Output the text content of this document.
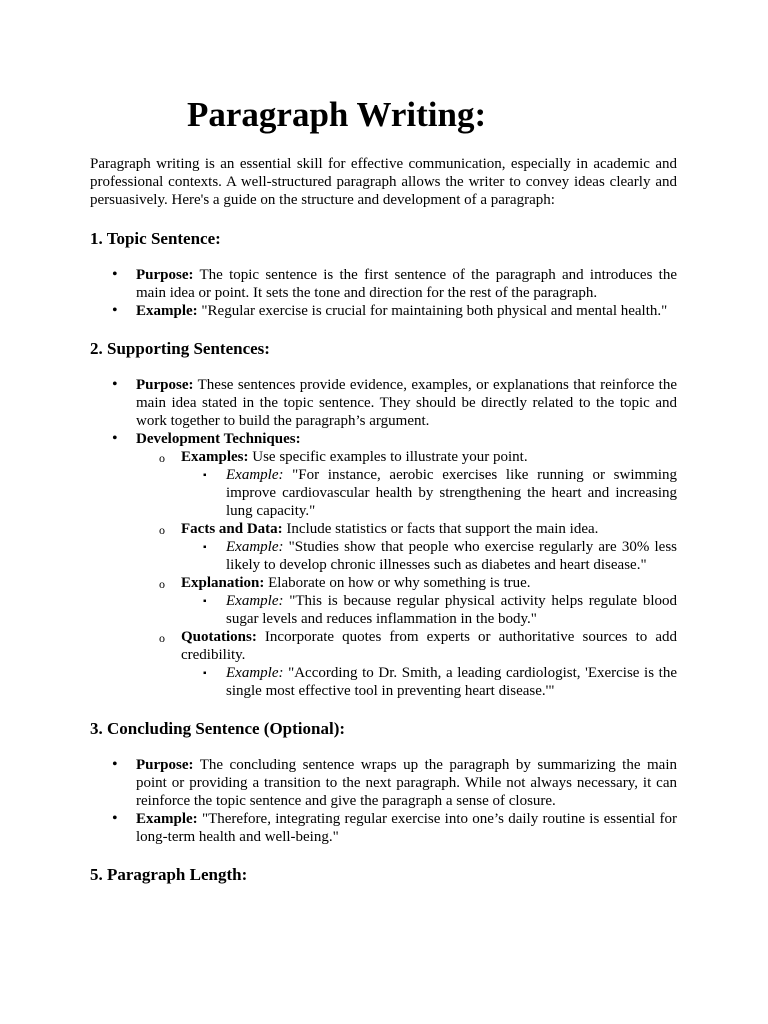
Paragraph Writing:

Paragraph writing is an essential skill for effective communication, especially in academic and professional contexts. A well-structured paragraph allows the writer to convey ideas clearly and persuasively. Here's a guide on the structure and development of a paragraph:

1. Topic Sentence:
• Purpose: The topic sentence is the first sentence of the paragraph and introduces the main idea or point. It sets the tone and direction for the rest of the paragraph.
• Example: "Regular exercise is crucial for maintaining both physical and mental health."
2. Supporting Sentences:
• Purpose: These sentences provide evidence, examples, or explanations that reinforce the main idea stated in the topic sentence. They should be directly related to the topic and work together to build the paragraph’s argument.
• Development Techniques:
o Examples: Use specific examples to illustrate your point.
▪ Example: "For instance, aerobic exercises like running or swimming improve cardiovascular health by strengthening the heart and increasing lung capacity."
o Facts and Data: Include statistics or facts that support the main idea.
▪ Example: "Studies show that people who exercise regularly are 30% less likely to develop chronic illnesses such as diabetes and heart disease."
o Explanation: Elaborate on how or why something is true.
▪ Example: "This is because regular physical activity helps regulate blood sugar levels and reduces inflammation in the body."
o Quotations: Incorporate quotes from experts or authoritative sources to add credibility.
▪ Example: "According to Dr. Smith, a leading cardiologist, 'Exercise is the single most effective tool in preventing heart disease.'"
3. Concluding Sentence (Optional):
• Purpose: The concluding sentence wraps up the paragraph by summarizing the main point or providing a transition to the next paragraph. While not always necessary, it can reinforce the topic sentence and give the paragraph a sense of closure.
• Example: "Therefore, integrating regular exercise into one’s daily routine is essential for long-term health and well-being."
5. Paragraph Length:
